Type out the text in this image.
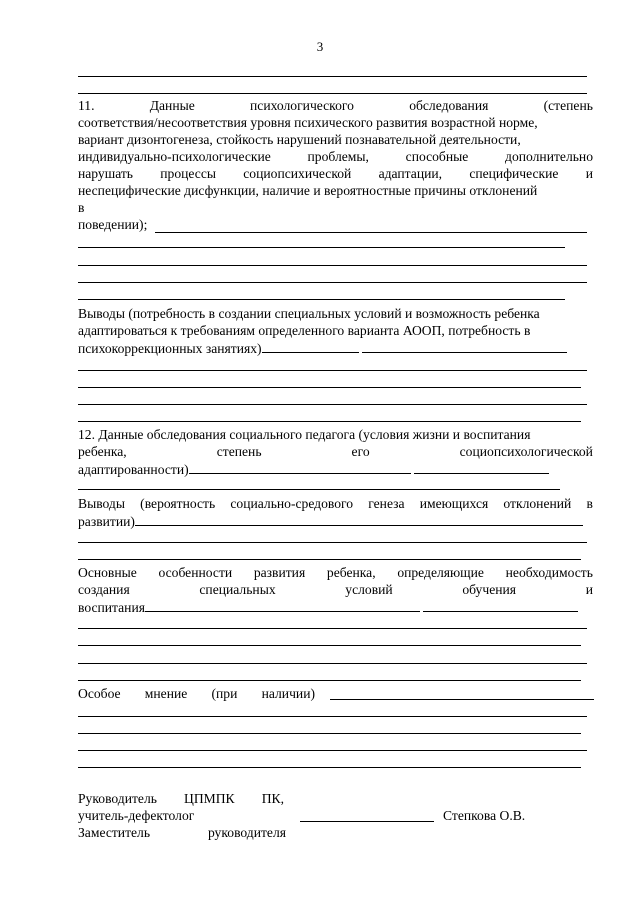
3
11.	Данные	психологического	обследования	(степень
соответствия/несоответствия уровня психического развития возрастной норме,
вариант дизонтогенеза, стойкость нарушений познавательной деятельности,
индивидуально-психологические	проблемы,	способные	дополнительно
нарушать процессы социопсихической адаптации, специфические и
неспецифические дисфункции, наличие и вероятностные причины отклонений
в
поведении);
Выводы (потребность в создании специальных условий и возможность ребенка
адаптироваться к требованиям определенного варианта АООП, потребность в
психокоррекционных занятиях)
12. Данные обследования социального педагога (условия жизни и воспитания
ребенка,	степень	его	социопсихологической
адаптированности)
Выводы (вероятность социально-средового генеза имеющихся отклонений в
развитии)
Основные особенности развития ребенка, определяющие необходимость
создания	специальных	условий	обучения	и
воспитания
Особое мнение (при наличии)
Руководитель ЦПМПК ПК,
учитель-дефектолог	Степкова О.В.
Заместитель	руководителя
